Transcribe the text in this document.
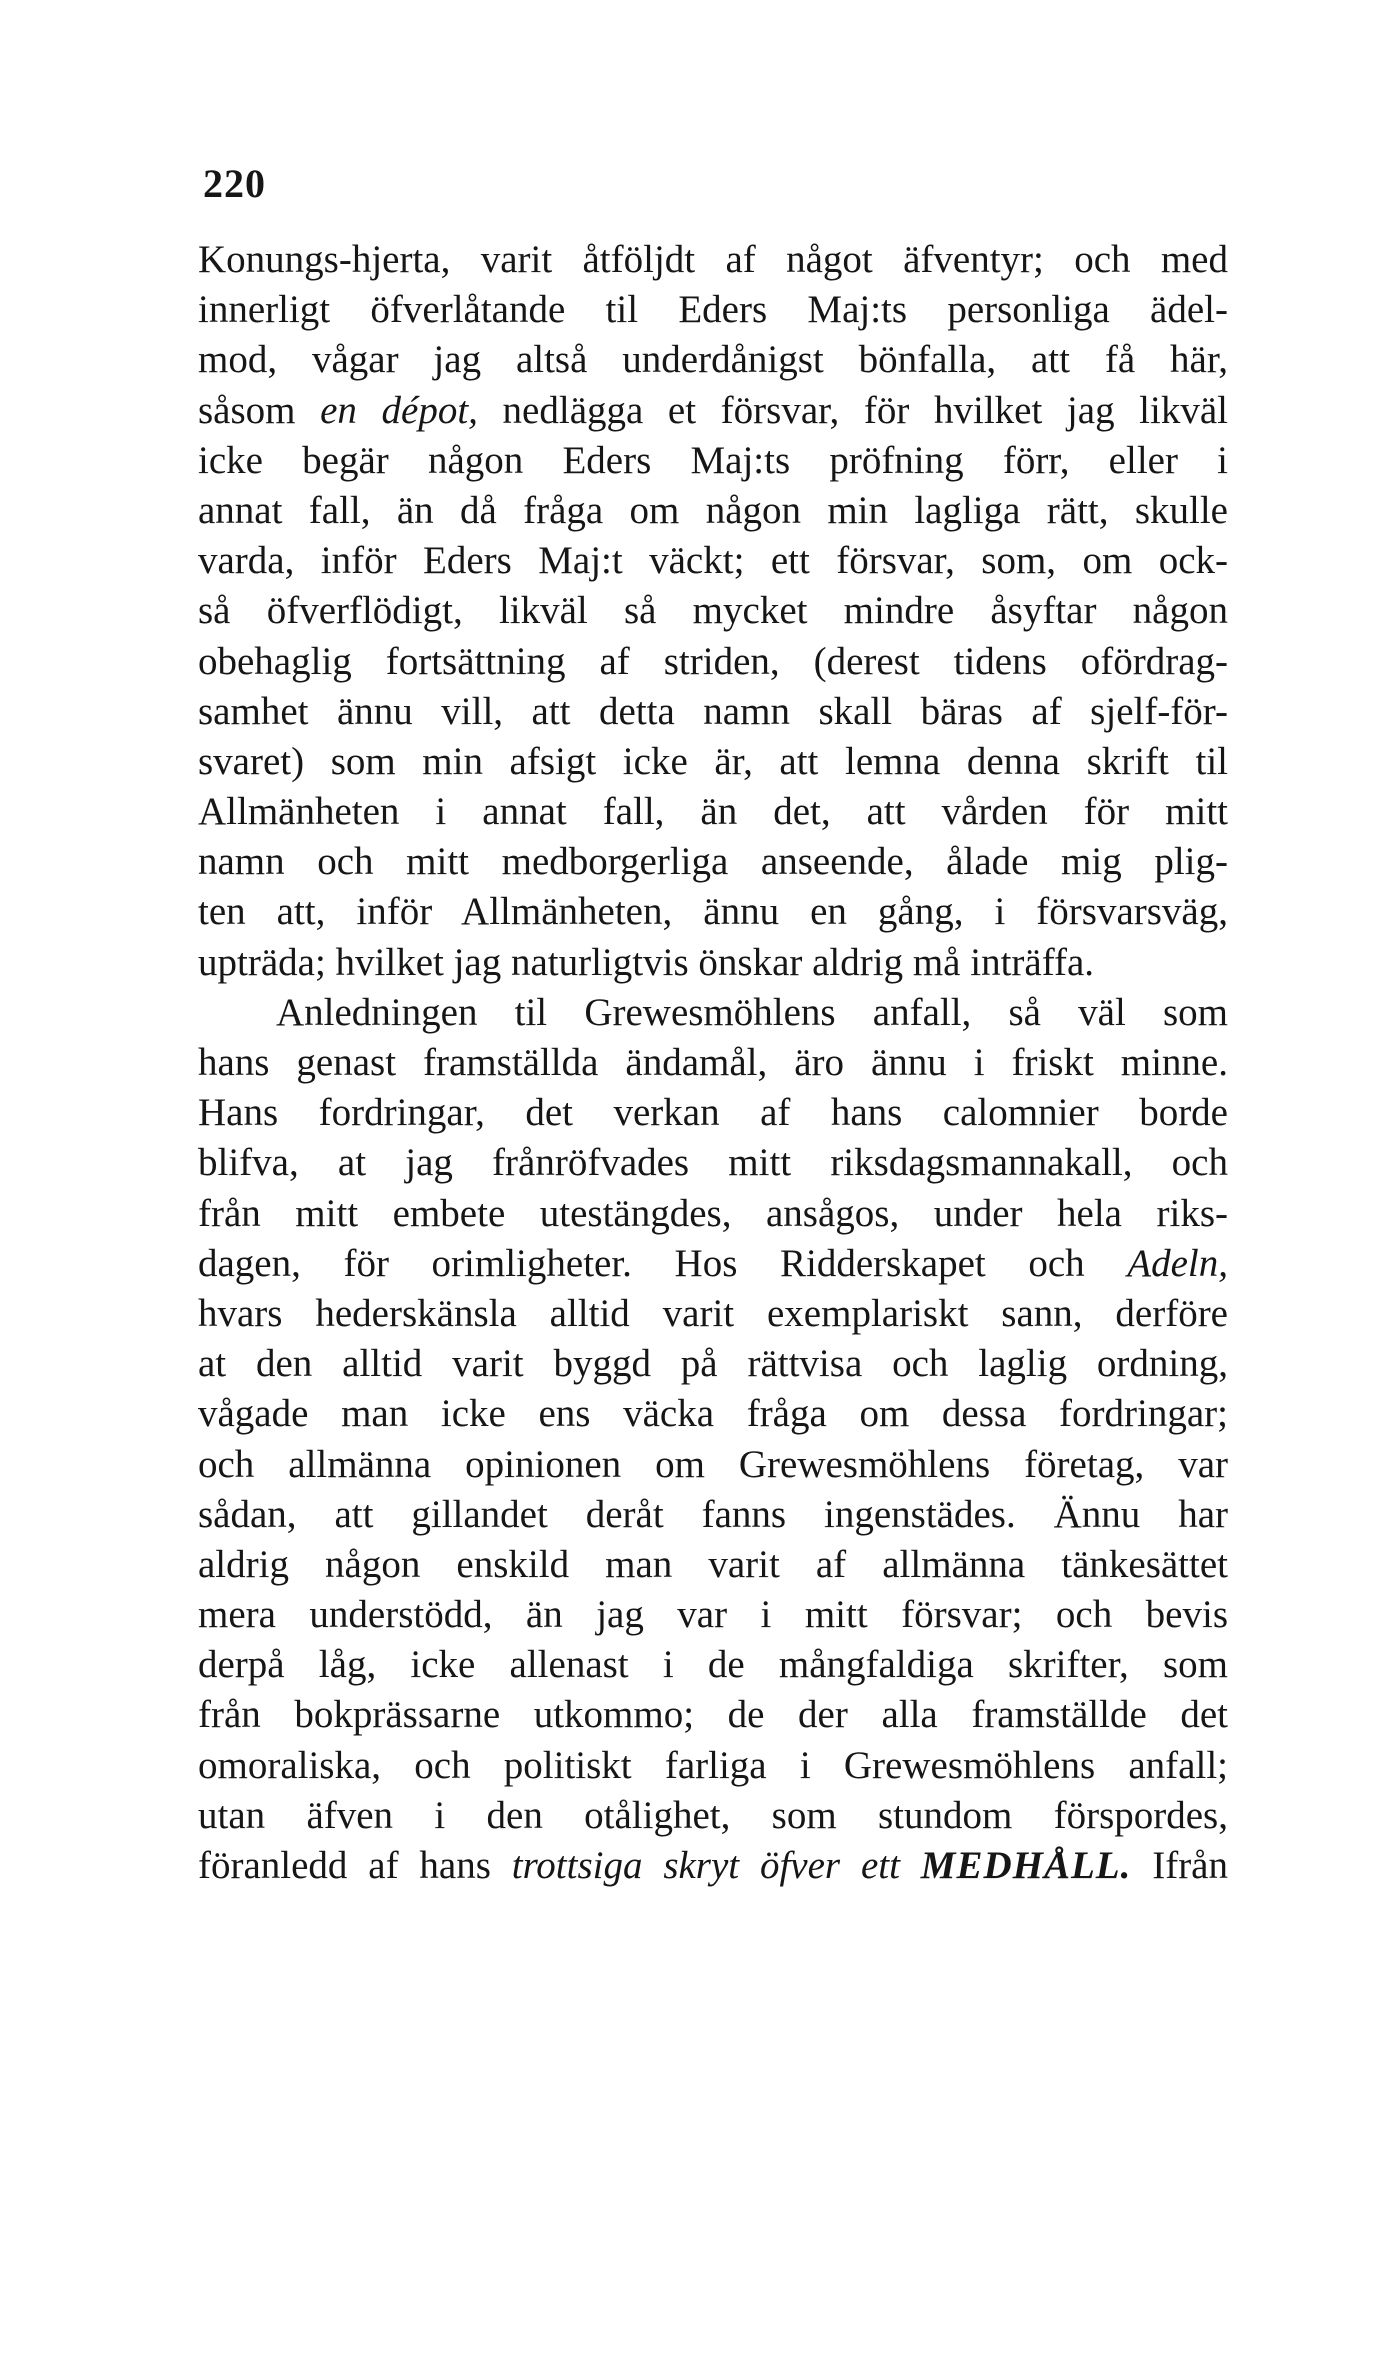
220
Konungs-hjerta, varit åtföljdt af något äfventyr; och med
innerligt öfverlåtande til Eders Maj:ts personliga ädel-
mod, vågar jag altså underdånigst bönfalla, att få här,
såsom en dépot, nedlägga et försvar, för hvilket jag likväl
icke begär någon Eders Maj:ts pröfning förr, eller i
annat fall, än då fråga om någon min lagliga rätt, skulle
varda, inför Eders Maj:t väckt; ett försvar, som, om ock-
så öfverflödigt, likväl så mycket mindre åsyftar någon
obehaglig fortsättning af striden, (derest tidens ofördrag-
samhet ännu vill, att detta namn skall bäras af sjelf-för-
svaret) som min afsigt icke är, att lemna denna skrift til
Allmänheten i annat fall, än det, att vården för mitt
namn och mitt medborgerliga anseende, ålade mig plig-
ten att, inför Allmänheten, ännu en gång, i försvarsväg,
upträda; hvilket jag naturligtvis önskar aldrig må inträffa.
Anledningen til Grewesmöhlens anfall, så väl som
hans genast framställda ändamål, äro ännu i friskt minne.
Hans fordringar, det verkan af hans calomnier borde
blifva, at jag frånröfvades mitt riksdagsmannakall, och
från mitt embete utestängdes, ansågos, under hela riks-
dagen, för orimligheter. Hos Ridderskapet och Adeln,
hvars hederskänsla alltid varit exemplariskt sann, derföre
at den alltid varit byggd på rättvisa och laglig ordning,
vågade man icke ens väcka fråga om dessa fordringar;
och allmänna opinionen om Grewesmöhlens företag, var
sådan, att gillandet deråt fanns ingenstädes. Ännu har
aldrig någon enskild man varit af allmänna tänkesättet
mera understödd, än jag var i mitt försvar; och bevis
derpå låg, icke allenast i de mångfaldiga skrifter, som
från bokprässarne utkommo; de der alla framställde det
omoraliska, och politiskt farliga i Grewesmöhlens anfall;
utan äfven i den otålighet, som stundom förspordes,
föranledd af hans trottsiga skryt öfver ett MEDHÅLL. Ifrån
